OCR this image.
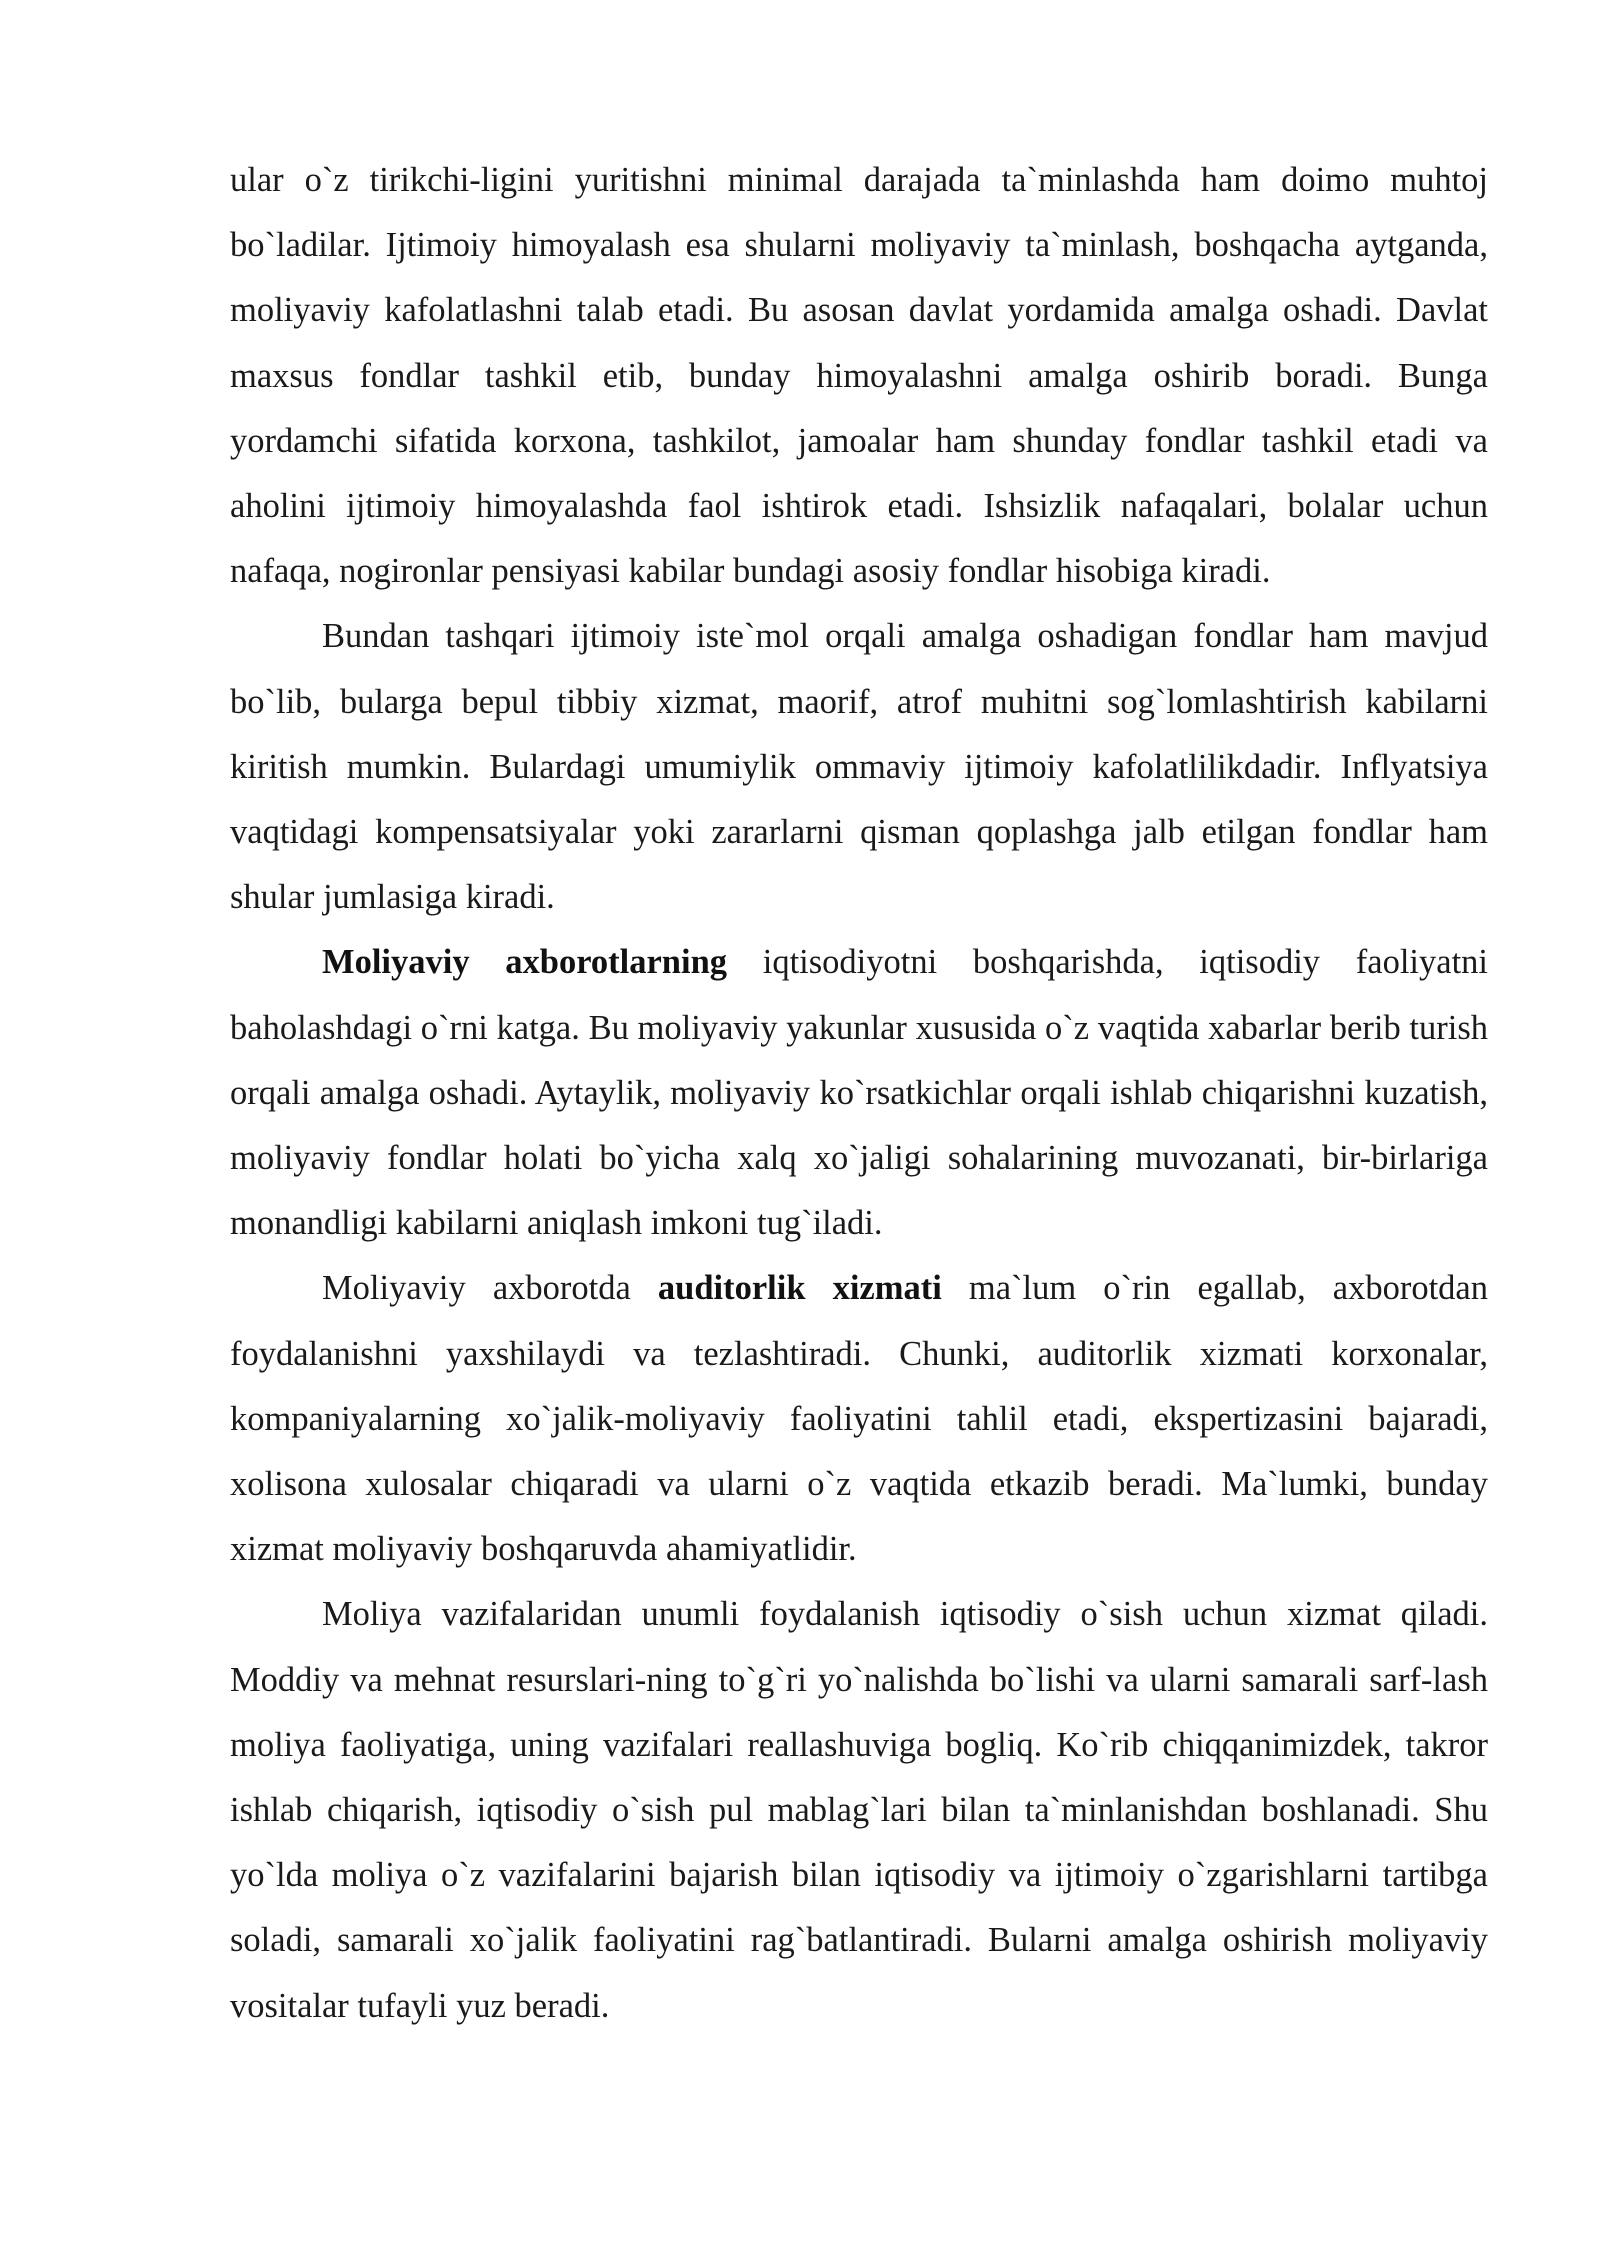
ular o`z tirikchi-ligini yuritishni minimal darajada ta`minlashda ham doimo muhtoj bo`ladilar. Ijtimoiy himoyalash esa shularni moliyaviy ta`minlash, boshqacha aytganda, moliyaviy kafolatlashni talab etadi. Bu asosan davlat yordamida amalga oshadi. Davlat maxsus fondlar tashkil etib, bunday himoyalashni amalga oshirib boradi. Bunga yordamchi sifatida korxona, tashkilot, jamoalar ham shunday fondlar tashkil etadi va aholini ijtimoiy himoyalashda faol ishtirok etadi. Ishsizlik nafaqalari, bolalar uchun nafaqa, nogironlar pensiyasi kabilar bundagi asosiy fondlar hisobiga kiradi.

Bundan tashqari ijtimoiy iste`mol orqali amalga oshadigan fondlar ham mavjud bo`lib, bularga bepul tibbiy xizmat, maorif, atrof muhitni sog`lomlashtirish kabilarni kiritish mumkin. Bulardagi umumiylik ommaviy ijtimoiy kafolatlilikdadir. Inflyatsiya vaqtidagi kompensatsiyalar yoki zararlarni qisman qoplashga jalb etilgan fondlar ham shular jumlasiga kiradi.

Moliyaviy axborotlarning iqtisodiyotni boshqarishda, iqtisodiy faoliyatni baholashdagi o`rni katga. Bu moliyaviy yakunlar xususida o`z vaqtida xabarlar berib turish orqali amalga oshadi. Aytaylik, moliyaviy ko`rsatkichlar orqali ishlab chiqarishni kuzatish, moliyaviy fondlar holati bo`yicha xalq xo`jaligi sohalarining muvozanati, bir-birlariga monandligi kabilarni aniqlash imkoni tug`iladi.

Moliyaviy axborotda auditorlik xizmati ma`lum o`rin egallab, axborotdan foydalanishni yaxshilaydi va tezlashtiradi. Chunki, auditorlik xizmati korxonalar, kompaniyalarning xo`jalik-moliyaviy faoliyatini tahlil etadi, ekspertizasini bajaradi, xolisona xulosalar chiqaradi va ularni o`z vaqtida etkazib beradi. Ma`lumki, bunday xizmat moliyaviy boshqaruvda ahamiyatlidir.

Moliya vazifalaridan unumli foydalanish iqtisodiy o`sish uchun xizmat qiladi. Moddiy va mehnat resurslari-ning to`g`ri yo`nalishda bo`lishi va ularni samarali sarf-lash moliya faoliyatiga, uning vazifalari reallashuviga bogliq. Ko`rib chiqqanimizdek, takror ishlab chiqarish, iqtisodiy o`sish pul mablag`lari bilan ta`minlanishdan boshlanadi. Shu yo`lda moliya o`z vazifalarini bajarish bilan iqtisodiy va ijtimoiy o`zgarishlarni tartibga soladi, samarali xo`jalik faoliyatini rag`batlantiradi. Bularni amalga oshirish moliyaviy vositalar tufayli yuz beradi.
